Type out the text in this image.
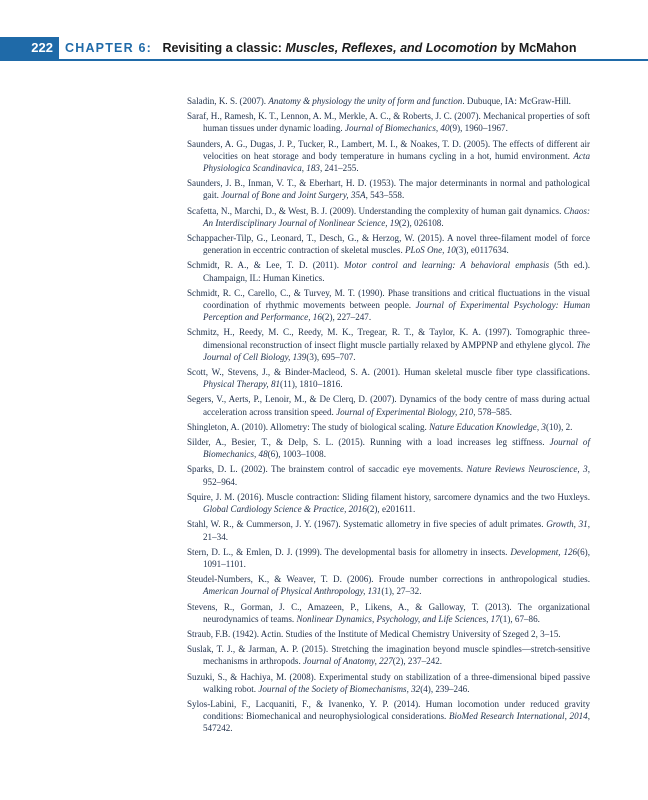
222 CHAPTER 6: Revisiting a classic: Muscles, Reflexes, and Locomotion by McMahon

Saladin, K. S. (2007). Anatomy & physiology the unity of form and function. Dubuque, IA: McGraw-Hill.

Saraf, H., Ramesh, K. T., Lennon, A. M., Merkle, A. C., & Roberts, J. C. (2007). Mechanical properties of soft human tissues under dynamic loading. Journal of Biomechanics, 40(9), 1960–1967.

Saunders, A. G., Dugas, J. P., Tucker, R., Lambert, M. I., & Noakes, T. D. (2005). The effects of different air velocities on heat storage and body temperature in humans cycling in a hot, humid environment. Acta Physiologica Scandinavica, 183, 241–255.

Saunders, J. B., Inman, V. T., & Eberhart, H. D. (1953). The major determinants in normal and pathological gait. Journal of Bone and Joint Surgery, 35A, 543–558.

Scafetta, N., Marchi, D., & West, B. J. (2009). Understanding the complexity of human gait dynamics. Chaos: An Interdisciplinary Journal of Nonlinear Science, 19(2), 026108.

Schappacher-Tilp, G., Leonard, T., Desch, G., & Herzog, W. (2015). A novel three-filament model of force generation in eccentric contraction of skeletal muscles. PLoS One, 10(3), e0117634.

Schmidt, R. A., & Lee, T. D. (2011). Motor control and learning: A behavioral emphasis (5th ed.). Champaign, IL: Human Kinetics.

Schmidt, R. C., Carello, C., & Turvey, M. T. (1990). Phase transitions and critical fluctuations in the visual coordination of rhythmic movements between people. Journal of Experimental Psychology: Human Perception and Performance, 16(2), 227–247.

Schmitz, H., Reedy, M. C., Reedy, M. K., Tregear, R. T., & Taylor, K. A. (1997). Tomographic three-dimensional reconstruction of insect flight muscle partially relaxed by AMPPNP and ethylene glycol. The Journal of Cell Biology, 139(3), 695–707.

Scott, W., Stevens, J., & Binder-Macleod, S. A. (2001). Human skeletal muscle fiber type classifications. Physical Therapy, 81(11), 1810–1816.

Segers, V., Aerts, P., Lenoir, M., & De Clerq, D. (2007). Dynamics of the body centre of mass during actual acceleration across transition speed. Journal of Experimental Biology, 210, 578–585.

Shingleton, A. (2010). Allometry: The study of biological scaling. Nature Education Knowledge, 3(10), 2.

Silder, A., Besier, T., & Delp, S. L. (2015). Running with a load increases leg stiffness. Journal of Biomechanics, 48(6), 1003–1008.

Sparks, D. L. (2002). The brainstem control of saccadic eye movements. Nature Reviews Neuroscience, 3, 952–964.

Squire, J. M. (2016). Muscle contraction: Sliding filament history, sarcomere dynamics and the two Huxleys. Global Cardiology Science & Practice, 2016(2), e201611.

Stahl, W. R., & Cummerson, J. Y. (1967). Systematic allometry in five species of adult primates. Growth, 31, 21–34.

Stern, D. L., & Emlen, D. J. (1999). The developmental basis for allometry in insects. Development, 126(6), 1091–1101.

Steudel-Numbers, K., & Weaver, T. D. (2006). Froude number corrections in anthropological studies. American Journal of Physical Anthropology, 131(1), 27–32.

Stevens, R., Gorman, J. C., Amazeen, P., Likens, A., & Galloway, T. (2013). The organizational neurodynamics of teams. Nonlinear Dynamics, Psychology, and Life Sciences, 17(1), 67–86.

Straub, F.B. (1942). Actin. Studies of the Institute of Medical Chemistry University of Szeged 2, 3–15.

Suslak, T. J., & Jarman, A. P. (2015). Stretching the imagination beyond muscle spindles—stretch-sensitive mechanisms in arthropods. Journal of Anatomy, 227(2), 237–242.

Suzuki, S., & Hachiya, M. (2008). Experimental study on stabilization of a three-dimensional biped passive walking robot. Journal of the Society of Biomechanisms, 32(4), 239–246.

Sylos-Labini, F., Lacquaniti, F., & Ivanenko, Y. P. (2014). Human locomotion under reduced gravity conditions: Biomechanical and neurophysiological considerations. BioMed Research International, 2014, 547242.
